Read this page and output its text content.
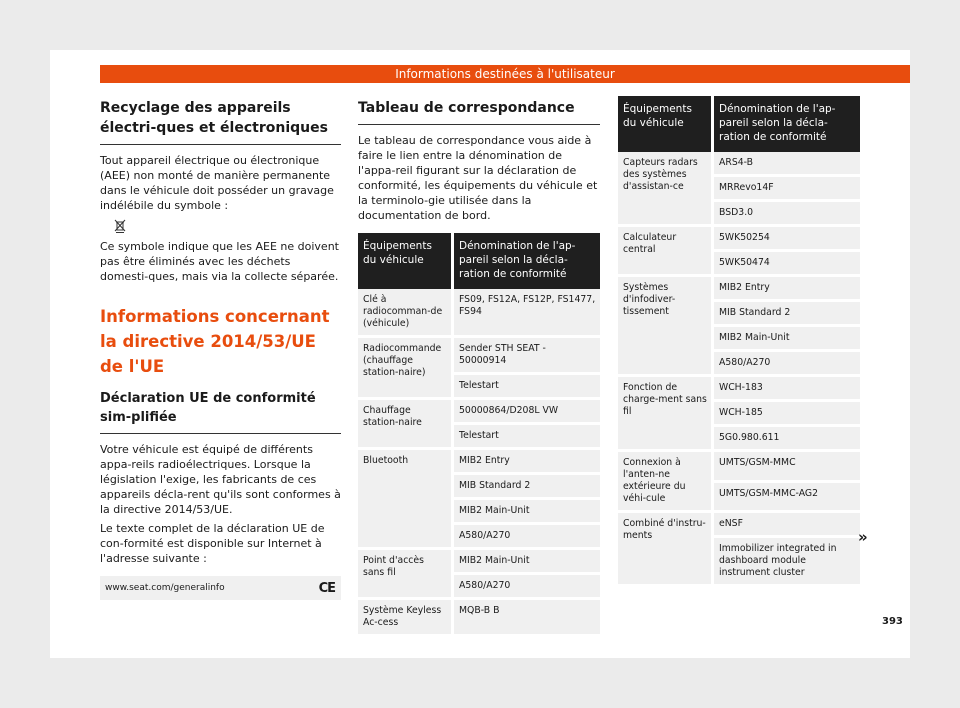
Informations destinées à l'utilisateur
Recyclage des appareils électri-ques et électroniques

Tout appareil électrique ou électronique (AEE) non monté de manière permanente dans le véhicule doit posséder un gravage indélébile du symbole :

Ce symbole indique que les AEE ne doivent pas être éliminés avec les déchets domesti-ques, mais via la collecte séparée.

Informations concernant la directive 2014/53/UE de l'UE
Déclaration UE de conformité sim-plifiée

Votre véhicule est équipé de différents appa-reils radioélectriques. Lorsque la législation l'exige, les fabricants de ces appareils décla-rent qu'ils sont conformes à la directive 2014/53/UE.

Le texte complet de la déclaration UE de con-formité est disponible sur Internet à l'adresse suivante :

www.seat.com/generalinfo	CE
Tableau de correspondance

Le tableau de correspondance vous aide à faire le lien entre la dénomination de l'appa-reil figurant sur la déclaration de conformité, les équipements du véhicule et la terminolo-gie utilisée dans la documentation de bord.

Équipements du véhicule	Dénomination de l'ap-pareil selon la décla-ration de conformité
Clé à radiocomman-de (véhicule)	FS09, FS12A, FS12P, FS1477, FS94
Radiocommande (chauffage station-naire)	Sender STH SEAT - 50000914
	Telestart
Chauffage station-naire	50000864/D208L VW
	Telestart
Bluetooth	MIB2 Entry
	MIB Standard 2
	MIB2 Main-Unit
	A580/A270
Point d'accès sans fil	MIB2 Main-Unit
	A580/A270
Système Keyless Ac-cess	MQB-B B
Équipements du véhicule	Dénomination de l'ap-pareil selon la décla-ration de conformité
Capteurs radars des systèmes d'assistan-ce	ARS4-B
	MRRevo14F
	BSD3.0
Calculateur central	5WK50254
	5WK50474
Systèmes d'infodiver-tissement	MIB2 Entry
	MIB Standard 2
	MIB2 Main-Unit
	A580/A270
Fonction de charge-ment sans fil	WCH-183
	WCH-185
	5G0.980.611
Connexion à l'anten-ne extérieure du véhi-cule	UMTS/GSM-MMC
	UMTS/GSM-MMC-AG2
Combiné d'instru-ments	eNSF
	Immobilizer integrated in dashboard module instrument cluster
»
393
